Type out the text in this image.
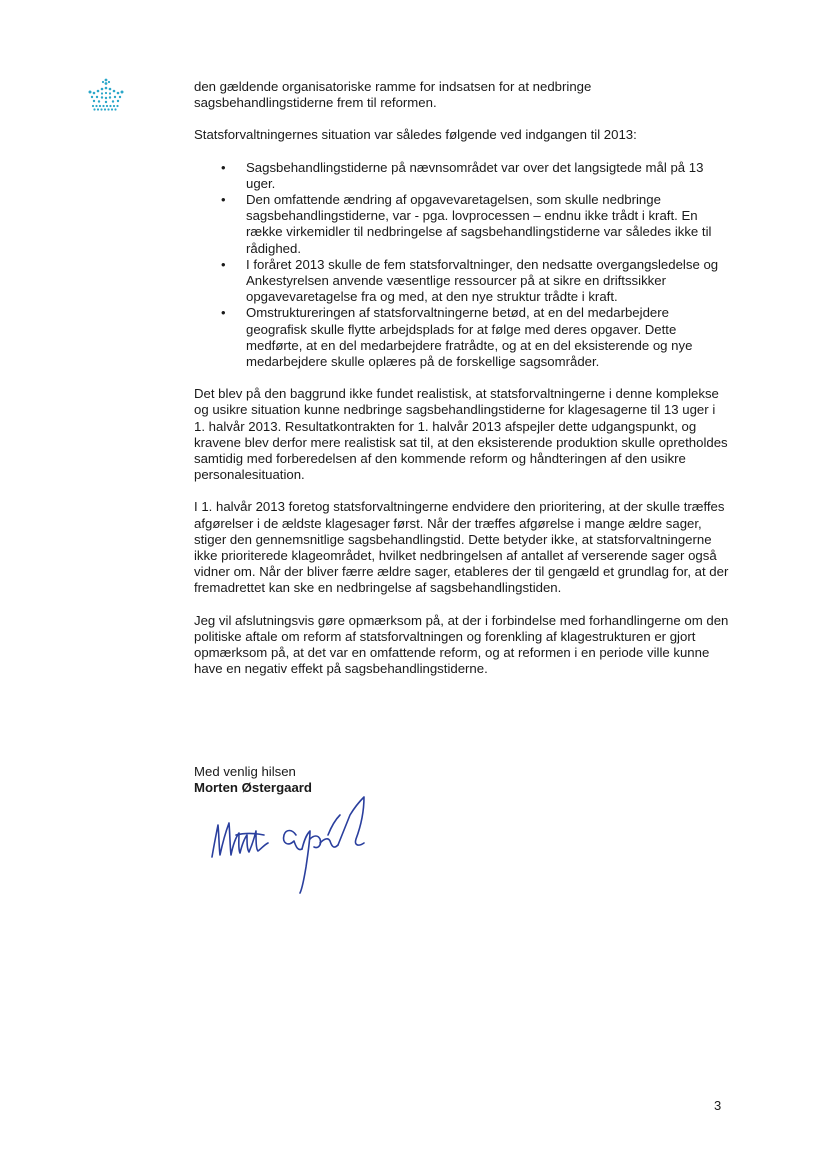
den gældende organisatoriske ramme for indsatsen for at nedbringe sagsbehandlingstiderne frem til reformen.

Statsforvaltningernes situation var således følgende ved indgangen til 2013:

• Sagsbehandlingstiderne på nævnsområdet var over det langsigtede mål på 13 uger.
• Den omfattende ændring af opgavevaretagelsen, som skulle nedbringe sagsbehandlingstiderne, var - pga. lovprocessen – endnu ikke trådt i kraft. En række virkemidler til nedbringelse af sagsbehandlingstiderne var således ikke til rådighed.
• I foråret 2013 skulle de fem statsforvaltninger, den nedsatte overgangsledelse og Ankestyrelsen anvende væsentlige ressourcer på at sikre en driftssikker opgavevaretagelse fra og med, at den nye struktur trådte i kraft.
• Omstruktureringen af statsforvaltningerne betød, at en del medarbejdere geografisk skulle flytte arbejdsplads for at følge med deres opgaver. Dette medførte, at en del medarbejdere fratrådte, og at en del eksisterende og nye medarbejdere skulle oplæres på de forskellige sagsområder.

Det blev på den baggrund ikke fundet realistisk, at statsforvaltningerne i denne komplekse og usikre situation kunne nedbringe sagsbehandlingstiderne for klagesagerne til 13 uger i 1. halvår 2013. Resultatkontrakten for 1. halvår 2013 afspejler dette udgangspunkt, og kravene blev derfor mere realistisk sat til, at den eksisterende produktion skulle opretholdes samtidig med forberedelsen af den kommende reform og håndteringen af den usikre personalesituation.

I 1. halvår 2013 foretog statsforvaltningerne endvidere den prioritering, at der skulle træffes afgørelser i de ældste klagesager først. Når der træffes afgørelse i mange ældre sager, stiger den gennemsnitlige sagsbehandlingstid. Dette betyder ikke, at statsforvaltningerne ikke prioriterede klageområdet, hvilket nedbringelsen af antallet af verserende sager også vidner om. Når der bliver færre ældre sager, etableres der til gengæld et grundlag for, at der fremadrettet kan ske en nedbringelse af sagsbehandlingstiden.

Jeg vil afslutningsvis gøre opmærksom på, at der i forbindelse med forhandlingerne om den politiske aftale om reform af statsforvaltningen og forenkling af klagestrukturen er gjort opmærksom på, at det var en omfattende reform, og at reformen i en periode ville kunne have en negativ effekt på sagsbehandlingstiderne.

Med venlig hilsen
Morten Østergaard
3
